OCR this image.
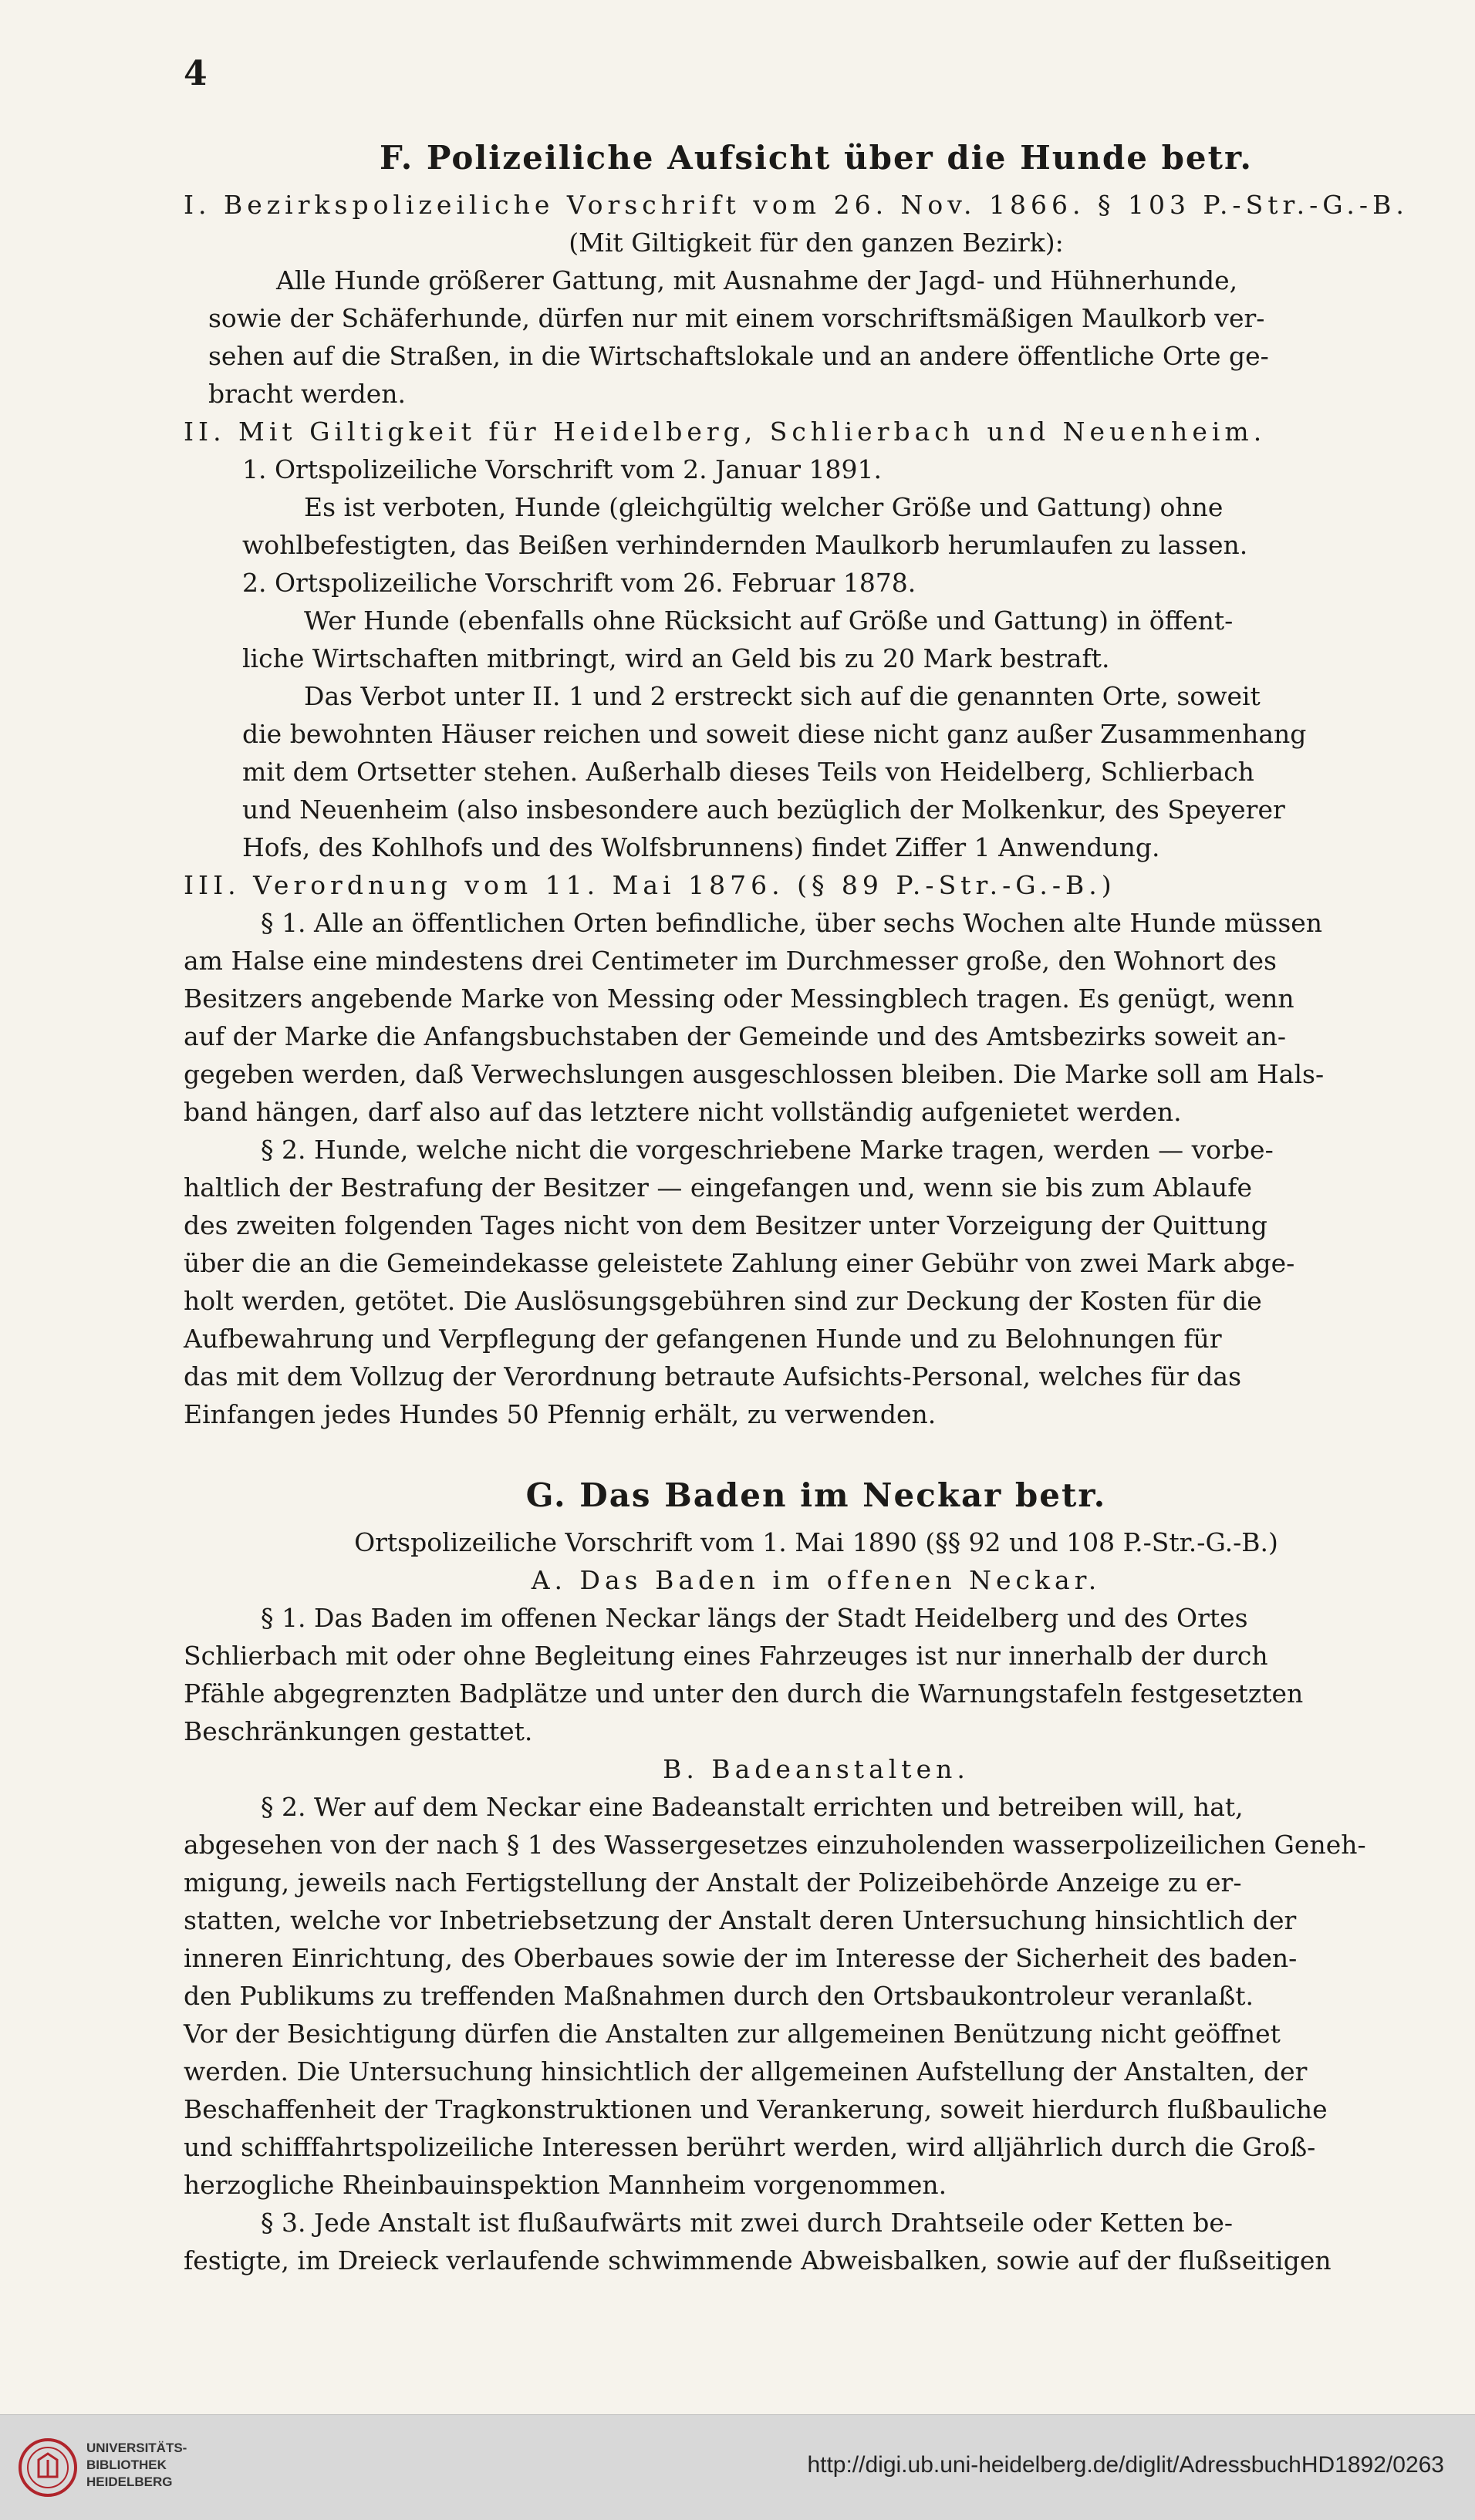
4
F. Polizeiliche Aufsicht über die Hunde betr.
I. Bezirkspolizeiliche Vorschrift vom 26. Nov. 1866. § 103 P.-Str.-G.-B.
(Mit Giltigkeit für den ganzen Bezirk):
Alle Hunde größerer Gattung, mit Ausnahme der Jagd- und Hühnerhunde,
sowie der Schäferhunde, dürfen nur mit einem vorschriftsmäßigen Maulkorb ver-
sehen auf die Straßen, in die Wirtschaftslokale und an andere öffentliche Orte ge-
bracht werden.
II. Mit Giltigkeit für Heidelberg, Schlierbach und Neuenheim.
1. Ortspolizeiliche Vorschrift vom 2. Januar 1891.
Es ist verboten, Hunde (gleichgültig welcher Größe und Gattung) ohne
wohlbefestigten, das Beißen verhindernden Maulkorb herumlaufen zu lassen.
2. Ortspolizeiliche Vorschrift vom 26. Februar 1878.
Wer Hunde (ebenfalls ohne Rücksicht auf Größe und Gattung) in öffent-
liche Wirtschaften mitbringt, wird an Geld bis zu 20 Mark bestraft.
Das Verbot unter II. 1 und 2 erstreckt sich auf die genannten Orte, soweit
die bewohnten Häuser reichen und soweit diese nicht ganz außer Zusammenhang
mit dem Ortsetter stehen. Außerhalb dieses Teils von Heidelberg, Schlierbach
und Neuenheim (also insbesondere auch bezüglich der Molkenkur, des Speyerer
Hofs, des Kohlhofs und des Wolfsbrunnens) findet Ziffer 1 Anwendung.
III. Verordnung vom 11. Mai 1876. (§ 89 P.-Str.-G.-B.)
§ 1. Alle an öffentlichen Orten befindliche, über sechs Wochen alte Hunde müssen
am Halse eine mindestens drei Centimeter im Durchmesser große, den Wohnort des
Besitzers angebende Marke von Messing oder Messingblech tragen. Es genügt, wenn
auf der Marke die Anfangsbuchstaben der Gemeinde und des Amtsbezirks soweit an-
gegeben werden, daß Verwechslungen ausgeschlossen bleiben. Die Marke soll am Hals-
band hängen, darf also auf das letztere nicht vollständig aufgenietet werden.
§ 2. Hunde, welche nicht die vorgeschriebene Marke tragen, werden — vorbe-
haltlich der Bestrafung der Besitzer — eingefangen und, wenn sie bis zum Ablaufe
des zweiten folgenden Tages nicht von dem Besitzer unter Vorzeigung der Quittung
über die an die Gemeindekasse geleistete Zahlung einer Gebühr von zwei Mark abge-
holt werden, getötet. Die Auslösungsgebühren sind zur Deckung der Kosten für die
Aufbewahrung und Verpflegung der gefangenen Hunde und zu Belohnungen für
das mit dem Vollzug der Verordnung betraute Aufsichts-Personal, welches für das
Einfangen jedes Hundes 50 Pfennig erhält, zu verwenden.
G. Das Baden im Neckar betr.
Ortspolizeiliche Vorschrift vom 1. Mai 1890 (§§ 92 und 108 P.-Str.-G.-B.)
A. Das Baden im offenen Neckar.
§ 1. Das Baden im offenen Neckar längs der Stadt Heidelberg und des Ortes
Schlierbach mit oder ohne Begleitung eines Fahrzeuges ist nur innerhalb der durch
Pfähle abgegrenzten Badplätze und unter den durch die Warnungstafeln festgesetzten
Beschränkungen gestattet.
B. Badeanstalten.
§ 2. Wer auf dem Neckar eine Badeanstalt errichten und betreiben will, hat,
abgesehen von der nach § 1 des Wassergesetzes einzuholenden wasserpolizeilichen Geneh-
migung, jeweils nach Fertigstellung der Anstalt der Polizeibehörde Anzeige zu er-
statten, welche vor Inbetriebsetzung der Anstalt deren Untersuchung hinsichtlich der
inneren Einrichtung, des Oberbaues sowie der im Interesse der Sicherheit des baden-
den Publikums zu treffenden Maßnahmen durch den Ortsbaukontroleur veranlaßt.
Vor der Besichtigung dürfen die Anstalten zur allgemeinen Benützung nicht geöffnet
werden. Die Untersuchung hinsichtlich der allgemeinen Aufstellung der Anstalten, der
Beschaffenheit der Tragkonstruktionen und Verankerung, soweit hierdurch flußbauliche
und schifffahrtspolizeiliche Interessen berührt werden, wird alljährlich durch die Groß-
herzogliche Rheinbauinspektion Mannheim vorgenommen.
§ 3. Jede Anstalt ist flußaufwärts mit zwei durch Drahtseile oder Ketten be-
festigte, im Dreieck verlaufende schwimmende Abweisbalken, sowie auf der flußseitigen
UNIVERSITÄTS-
BIBLIOTHEK
HEIDELBERG
http://digi.ub.uni-heidelberg.de/diglit/AdressbuchHD1892/0263
